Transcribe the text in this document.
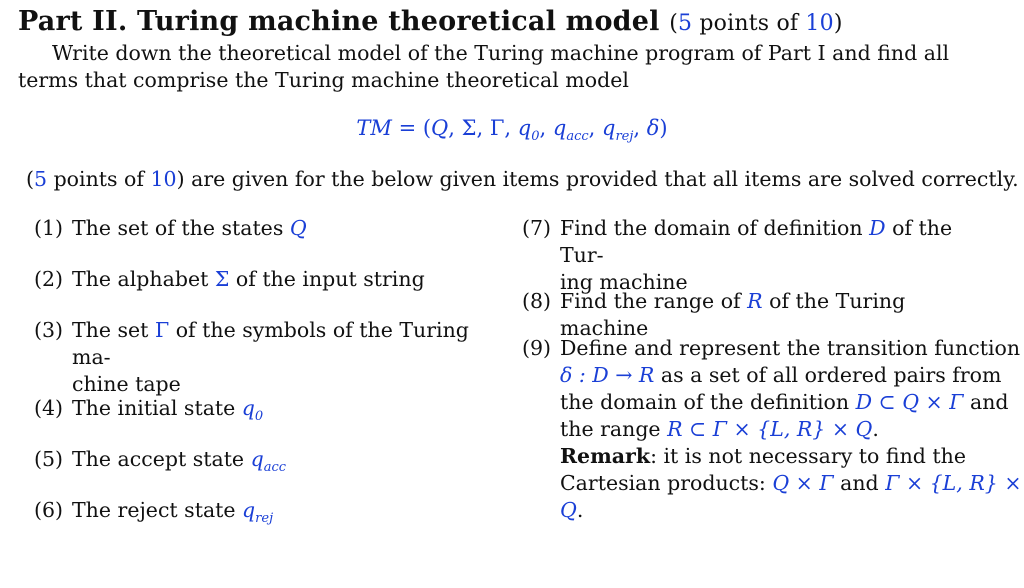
Part II. Turing machine theoretical model (5 points of 10)
Write down the theoretical model of the Turing machine program of Part I and find all terms that comprise the Turing machine theoretical model
TM = (Q, Σ, Γ, $q_0$, $q_{acc}$, $q_{rej}$, δ)
(5 points of 10) are given for the below given items provided that all items are solved correctly.
(1) The set of the states Q
(2) The alphabet Σ of the input string
(3) The set Γ of the symbols of the Turing ma-
chine tape
(4) The initial state $q_0$
(5) The accept state $q_{acc}$
(6) The reject state $q_{rej}$
(7) Find the domain of definition D of the Tur-
ing machine
(8) Find the range of R of the Turing machine
(9) Define and represent the transition function
δ : D → R as a set of all ordered pairs from
the domain of the definition D ⊂ Q × Γ and
the range R ⊂ Γ × {L, R} × Q.
Remark: it is not necessary to find the
Cartesian products: Q × Γ and Γ × {L, R} ×
Q.
